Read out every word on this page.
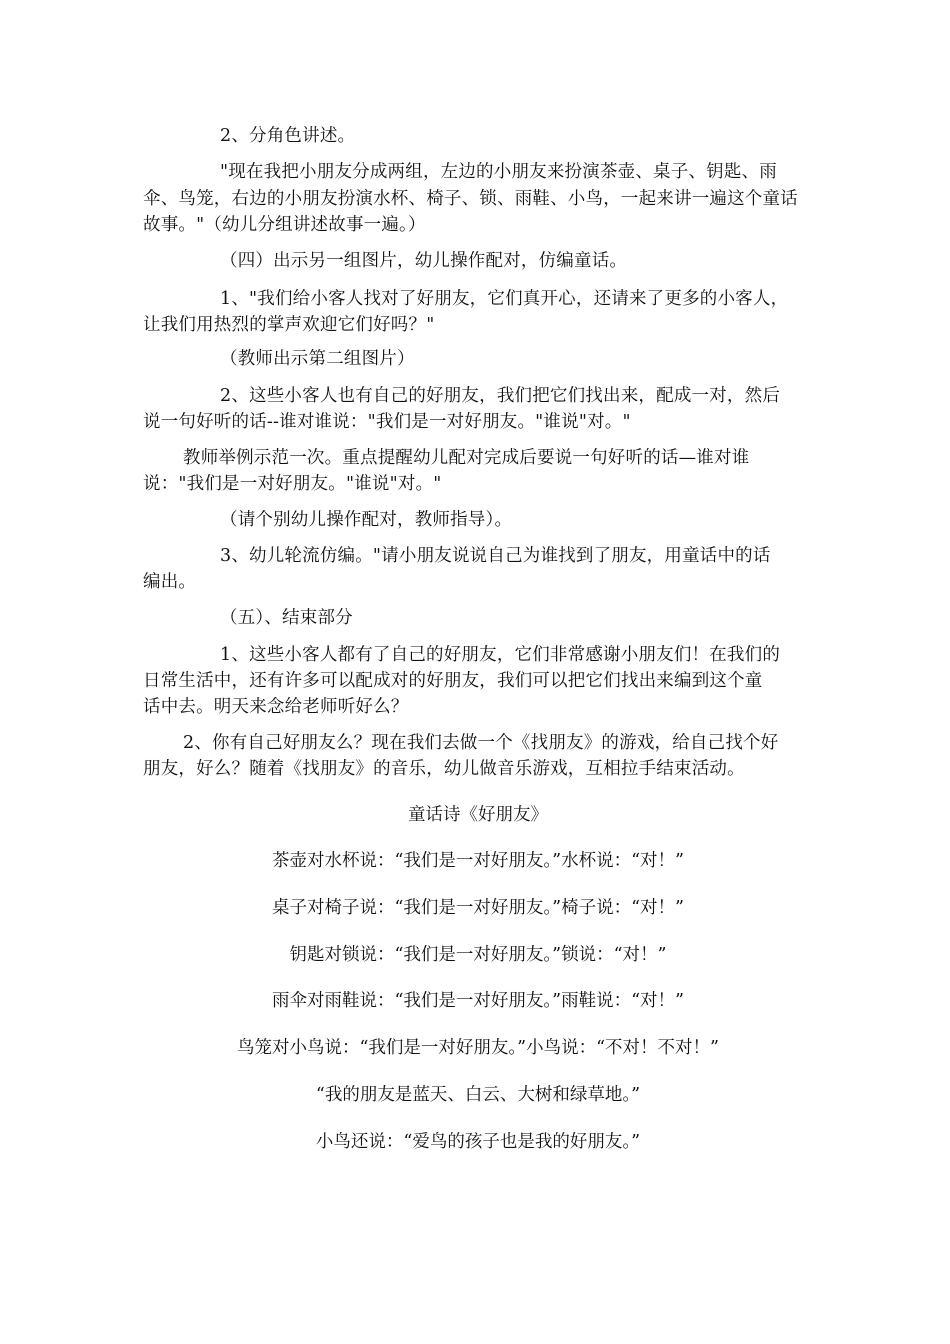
2、分角色讲述。
"现在我把小朋友分成两组，左边的小朋友来扮演茶壶、桌子、钥匙、雨
伞、鸟笼，右边的小朋友扮演水杯、椅子、锁、雨鞋、小鸟，一起来讲一遍这个童话
故事。"（幼儿分组讲述故事一遍。）
（四）出示另一组图片，幼儿操作配对，仿编童话。
1、"我们给小客人找对了好朋友，它们真开心，还请来了更多的小客人，
让我们用热烈的掌声欢迎它们好吗？"
（教师出示第二组图片）
2、这些小客人也有自己的好朋友，我们把它们找出来，配成一对，然后
说一句好听的话--谁对谁说："我们是一对好朋友。"谁说"对。"
教师举例示范一次。重点提醒幼儿配对完成后要说一句好听的话—谁对谁
说："我们是一对好朋友。"谁说"对。"
（请个别幼儿操作配对，教师指导）。
3、幼儿轮流仿编。"请小朋友说说自己为谁找到了朋友，用童话中的话
编出。
（五）、结束部分
1、这些小客人都有了自己的好朋友，它们非常感谢小朋友们！在我们的
日常生活中，还有许多可以配成对的好朋友，我们可以把它们找出来编到这个童
话中去。明天来念给老师听好么？
2、你有自己好朋友么？现在我们去做一个《找朋友》的游戏，给自己找个好
朋友，好么？随着《找朋友》的音乐，幼儿做音乐游戏，互相拉手结束活动。
童话诗《好朋友》
茶壶对水杯说：“我们是一对好朋友。”水杯说：“对！”
桌子对椅子说：“我们是一对好朋友。”椅子说：“对！”
钥匙对锁说：“我们是一对好朋友。”锁说：“对！”
雨伞对雨鞋说：“我们是一对好朋友。”雨鞋说：“对！”
鸟笼对小鸟说：“我们是一对好朋友。”小鸟说：“不对！不对！”
“我的朋友是蓝天、白云、大树和绿草地。”
小鸟还说：“爱鸟的孩子也是我的好朋友。”
